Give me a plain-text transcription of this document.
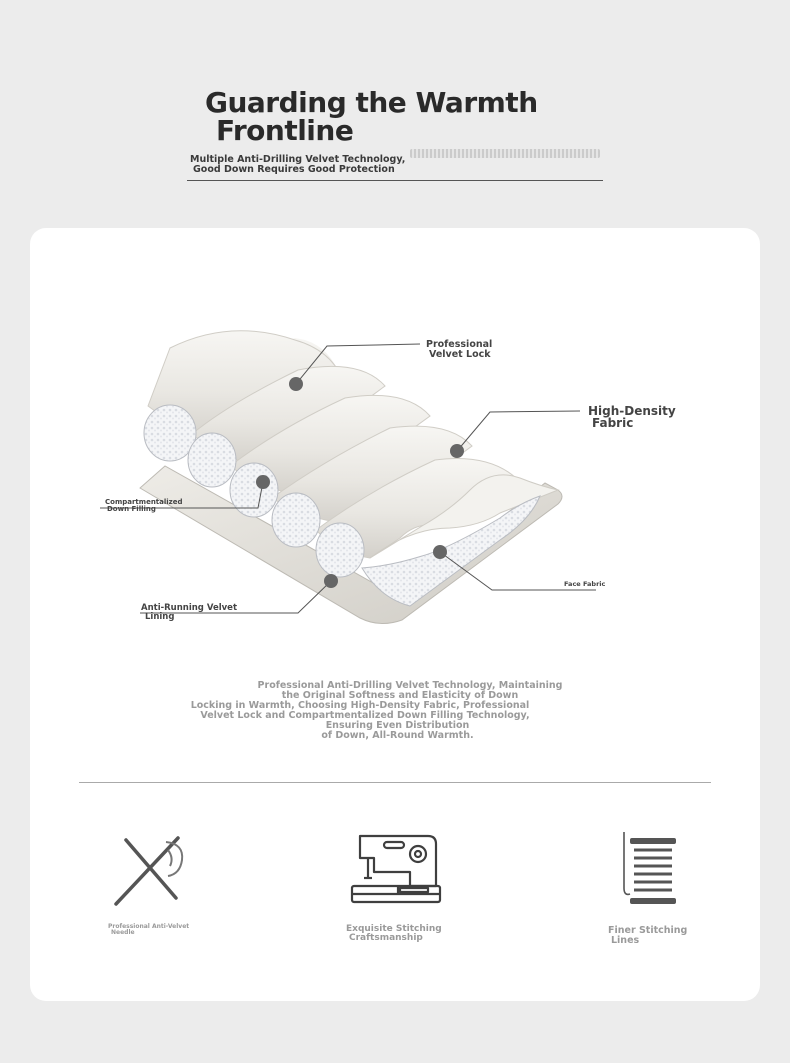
Guarding the Warmth
Frontline
Multiple Anti-Drilling Velvet Technology,
Good Down Requires Good Protection
Professional
Velvet Lock
High-Density
Fabric
Compartmentalized
Down Filling
Face Fabric
Anti-Running Velvet
Lining
Professional Anti-Drilling Velvet Technology, Maintaining
the Original Softness and Elasticity of Down
Locking in Warmth, Choosing High-Density Fabric, Professional
Velvet Lock and Compartmentalized Down Filling Technology,
Ensuring Even Distribution
of Down, All-Round Warmth.
Professional Anti-Velvet
Needle	Exquisite Stitching
Craftsmanship
Finer Stitching
Lines
